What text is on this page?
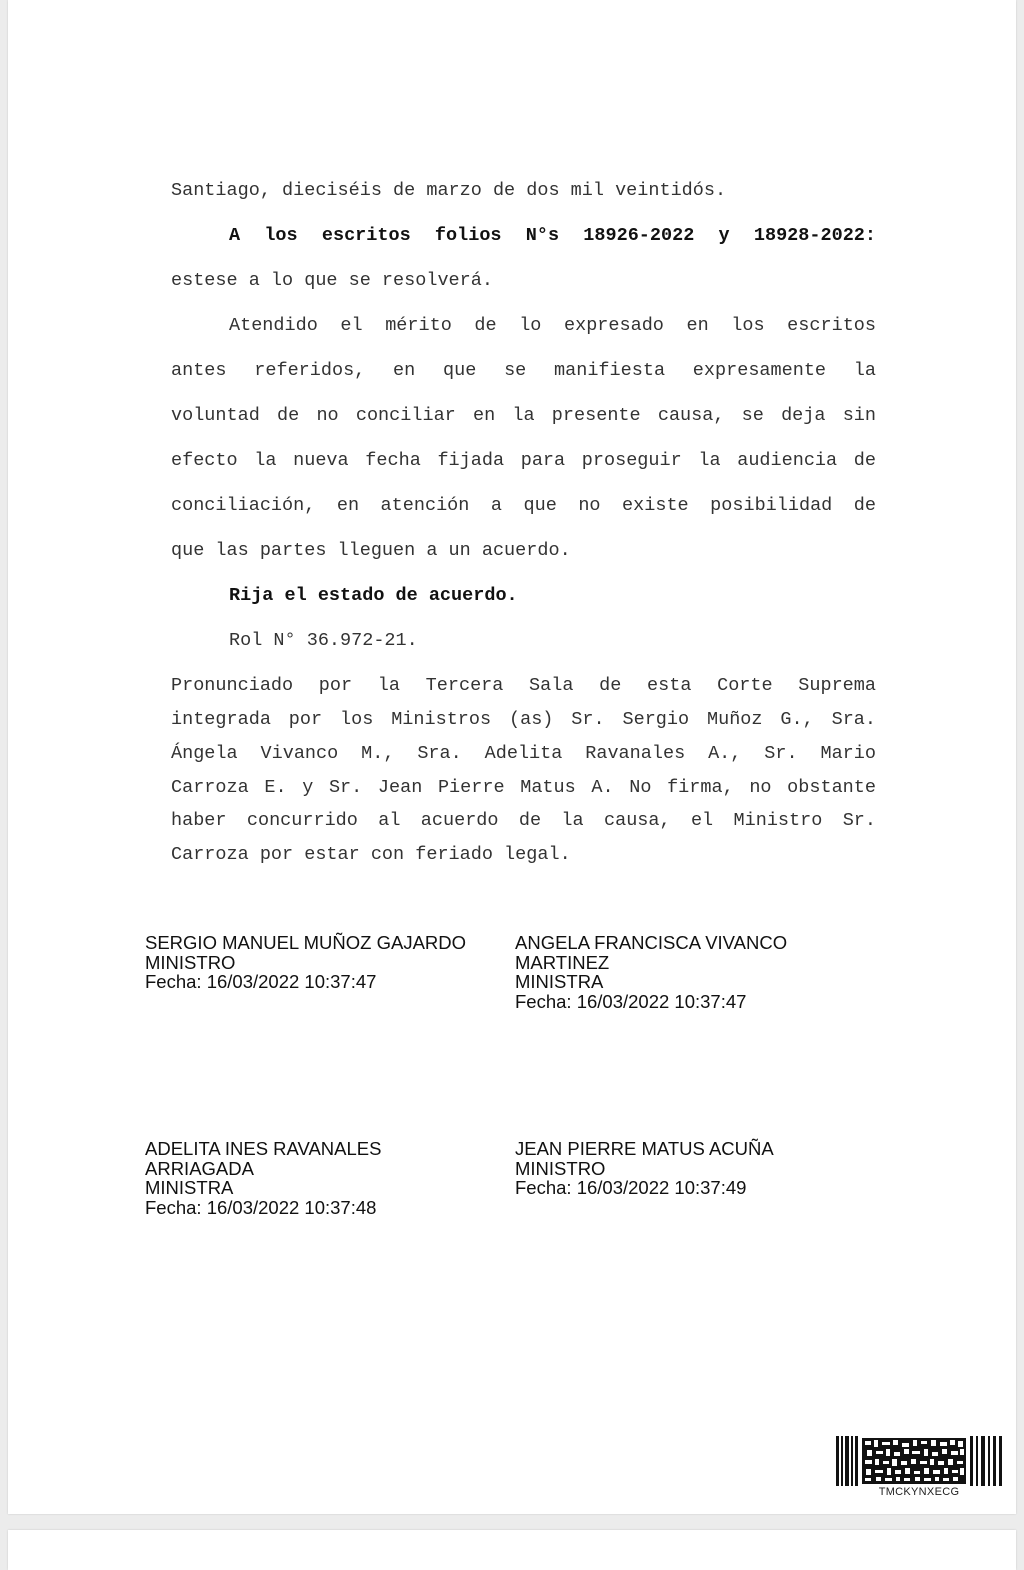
Santiago, dieciséis de marzo de dos mil veintidós.
A los escritos folios N°s 18926-2022 y 18928-2022:
estese a lo que se resolverá.
Atendido el mérito de lo expresado en los escritos
antes referidos, en que se manifiesta expresamente la
voluntad de no conciliar en la presente causa, se deja sin
efecto la nueva fecha fijada para proseguir la audiencia de
conciliación, en atención a que no existe posibilidad de
que las partes lleguen a un acuerdo.
Rija el estado de acuerdo.
Rol N° 36.972-21.
Pronunciado por la Tercera Sala de esta Corte Suprema
integrada por los Ministros (as) Sr. Sergio Muñoz G., Sra.
Ángela Vivanco M., Sra. Adelita Ravanales A., Sr. Mario
Carroza E. y Sr. Jean Pierre Matus A. No firma, no obstante
haber concurrido al acuerdo de la causa, el Ministro Sr.
Carroza por estar con feriado legal.
SERGIO MANUEL MUÑOZ GAJARDO
MINISTRO
Fecha: 16/03/2022 10:37:47
ANGELA FRANCISCA VIVANCO
MARTINEZ
MINISTRA
Fecha: 16/03/2022 10:37:47
ADELITA INES RAVANALES
ARRIAGADA
MINISTRA
Fecha: 16/03/2022 10:37:48
JEAN PIERRE MATUS ACUÑA
MINISTRO
Fecha: 16/03/2022 10:37:49
TMCKYNXECG
